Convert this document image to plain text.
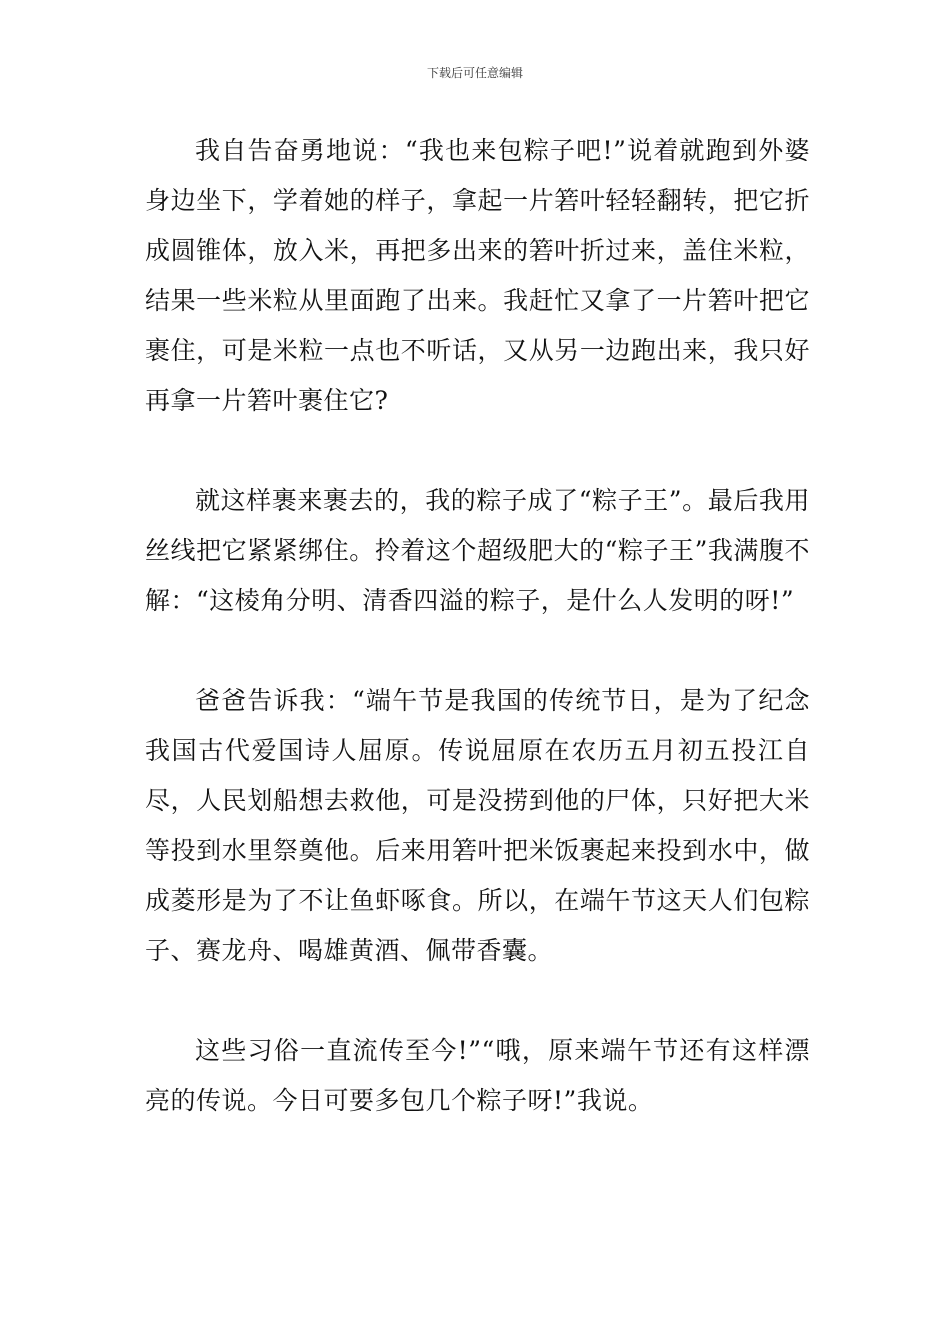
下载后可任意编辑

我自告奋勇地说：“我也来包粽子吧!”说着就跑到外婆身边坐下，学着她的样子，拿起一片箬叶轻轻翻转，把它折成圆锥体，放入米，再把多出来的箬叶折过来，盖住米粒，结果一些米粒从里面跑了出来。我赶忙又拿了一片箬叶把它裹住，可是米粒一点也不听话，又从另一边跑出来，我只好再拿一片箬叶裹住它?

就这样裹来裹去的，我的粽子成了“粽子王”。最后我用丝线把它紧紧绑住。拎着这个超级肥大的“粽子王”我满腹不解：“这棱角分明、清香四溢的粽子，是什么人发明的呀!”

爸爸告诉我：“端午节是我国的传统节日，是为了纪念我国古代爱国诗人屈原。传说屈原在农历五月初五投江自尽，人民划船想去救他，可是没捞到他的尸体，只好把大米等投到水里祭奠他。后来用箬叶把米饭裹起来投到水中，做成菱形是为了不让鱼虾啄食。所以，在端午节这天人们包粽子、赛龙舟、喝雄黄酒、佩带香囊。

这些习俗一直流传至今!”“哦，原来端午节还有这样漂亮的传说。今日可要多包几个粽子呀!”我说。
